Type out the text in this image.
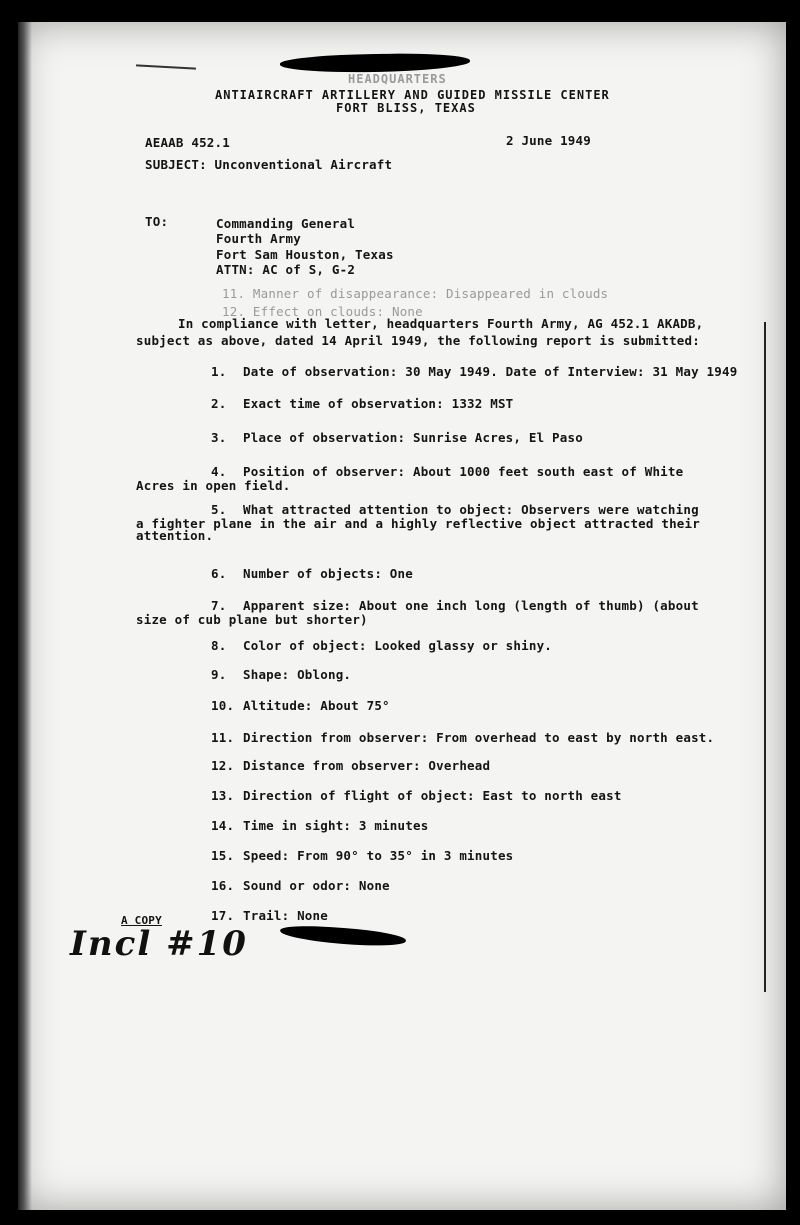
HEADQUARTERS
ANTIAIRCRAFT ARTILLERY AND GUIDED MISSILE CENTER
FORT BLISS, TEXAS
AEAAB 452.1	2 June 1949
SUBJECT: Unconventional Aircraft
TO:	Commanding General
Fourth Army
Fort Sam Houston, Texas
ATTN: AC of S, G-2
11. Manner of disappearance: Disappeared in clouds
12. Effect on clouds: None
In compliance with letter, headquarters Fourth Army, AG 452.1 AKADB,
subject as above, dated 14 April 1949, the following report is submitted:
1. Date of observation: 30 May 1949. Date of Interview: 31 May 1949
2. Exact time of observation: 1332 MST
3. Place of observation: Sunrise Acres, El Paso
4. Position of observer: About 1000 feet south east of White
Acres in open field.
5. What attracted attention to object: Observers were watching
a fighter plane in the air and a highly reflective object attracted their
attention.
6. Number of objects: One
7. Apparent size: About one inch long (length of thumb) (about
size of cub plane but shorter)
8. Color of object: Looked glassy or shiny.
9. Shape: Oblong.
10. Altitude: About 75°
11. Direction from observer: From overhead to east by north east.
12. Distance from observer: Overhead
13. Direction of flight of object: East to north east
14. Time in sight: 3 minutes
15. Speed: From 90° to 35° in 3 minutes
16. Sound or odor: None
17. Trail: None
A COPY
Incl #10
